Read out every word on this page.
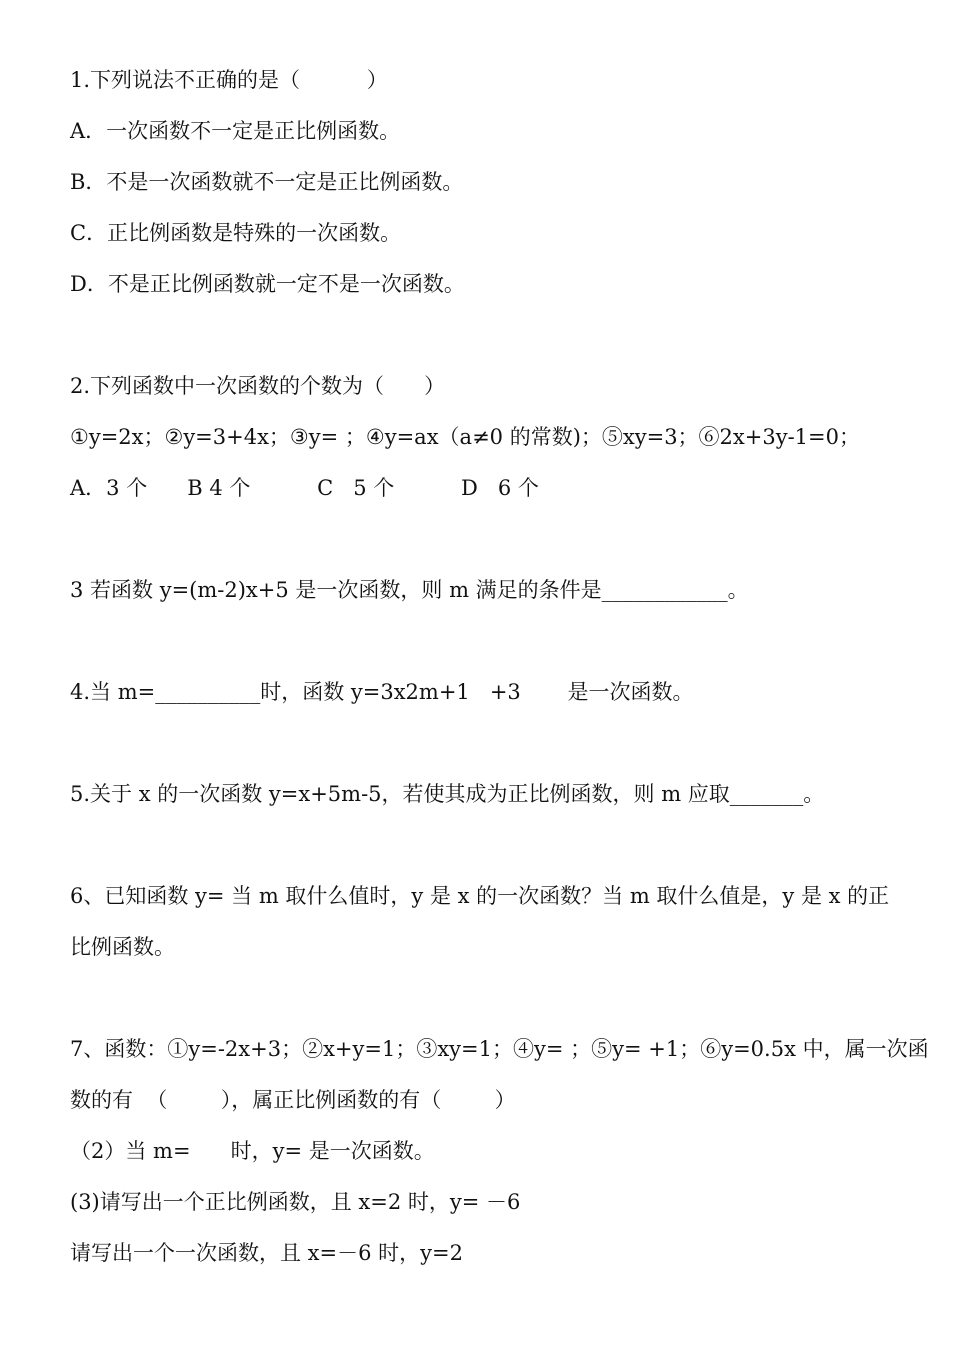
1.下列说法不正确的是（          ）
A．一次函数不一定是正比例函数。
B．不是一次函数就不一定是正比例函数。
C．正比例函数是特殊的一次函数。
D．不是正比例函数就一定不是一次函数。
2.下列函数中一次函数的个数为（      ）
①y=2x；②y=3+4x；③y= ；④y=ax（a≠0 的常数)；⑤xy=3；⑥2x+3y-1=0；
A．3 个      B 4 个          C   5 个          D   6 个
3 若函数 y=(m-2)x+5 是一次函数，则 m 满足的条件是____________。
4.当 m=__________时，函数 y=3x2m+1   +3       是一次函数。
5.关于 x 的一次函数 y=x+5m-5，若使其成为正比例函数，则 m 应取_______。
6、已知函数 y= 当 m 取什么值时，y 是 x 的一次函数？当 m 取什么值是，y 是 x 的正
比例函数。
7、函数：①y=-2x+3；②x+y=1；③xy=1；④y= ；⑤y= +1；⑥y=0.5x 中，属一次函
数的有  （        ），属正比例函数的有（        ）
（2）当 m=      时，y= 是一次函数。
(3)请写出一个正比例函数，且 x=2 时，y= －6
请写出一个一次函数，且 x=－6 时，y=2
